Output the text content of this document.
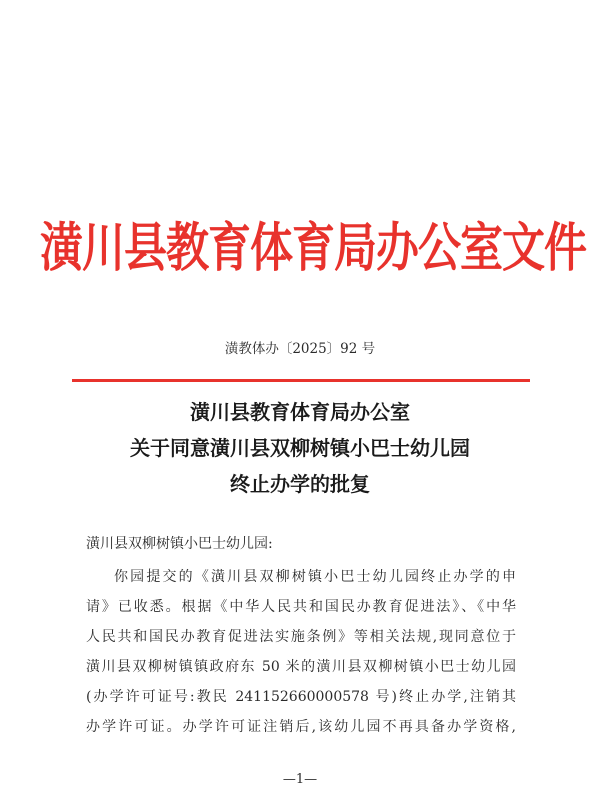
潢川县教育体育局办公室文件
潢教体办〔2025〕92 号
潢川县教育体育局办公室
关于同意潢川县双柳树镇小巴士幼儿园
终止办学的批复
潢川县双柳树镇小巴士幼儿园:
你园提交的《潢川县双柳树镇小巴士幼儿园终止办学的申
请》已收悉。根据《中华人民共和国民办教育促进法》、《中华
人民共和国民办教育促进法实施条例》等相关法规,现同意位于
潢川县双柳树镇镇政府东 50 米的潢川县双柳树镇小巴士幼儿园
(办学许可证号:教民 241152660000578 号)终止办学,注销其
办学许可证。办学许可证注销后,该幼儿园不再具备办学资格,
—1—
